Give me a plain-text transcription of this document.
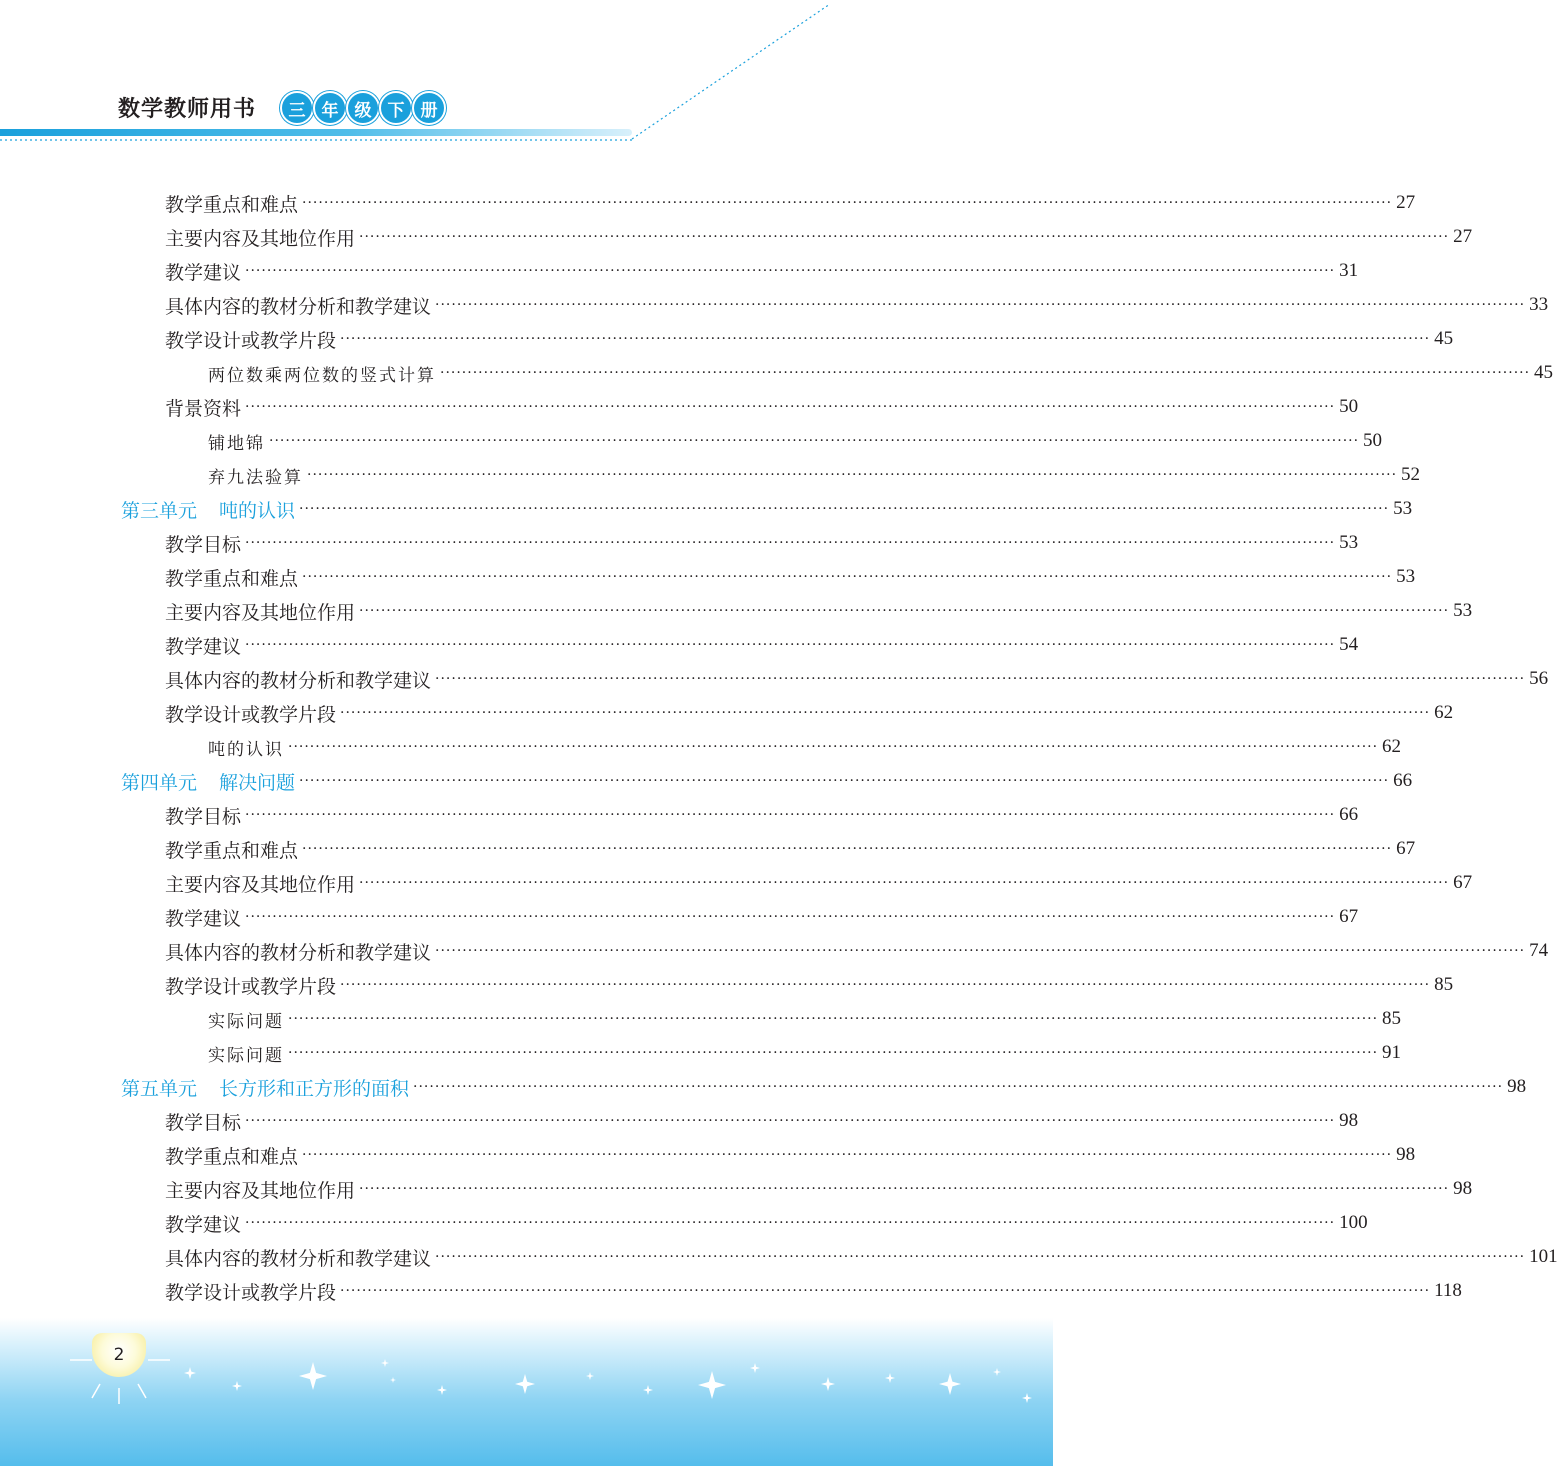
数学教师用书	三 年 级 下 册
教学重点和难点 ········································································································································································································ 27
主要内容及其地位作用 ········································································································································································································ 27
教学建议 ········································································································································································································ 31
具体内容的教材分析和教学建议 ········································································································································································································ 33
教学设计或教学片段 ········································································································································································································ 45
两位数乘两位数的竖式计算 ········································································································································································································ 45
背景资料 ········································································································································································································ 50
铺地锦 ········································································································································································································ 50
弃九法验算 ········································································································································································································ 52
第三单元 吨的认识 ········································································································································································································ 53
教学目标 ········································································································································································································ 53
教学重点和难点 ········································································································································································································ 53
主要内容及其地位作用 ········································································································································································································ 53
教学建议 ········································································································································································································ 54
具体内容的教材分析和教学建议 ········································································································································································································ 56
教学设计或教学片段 ········································································································································································································ 62
吨的认识 ········································································································································································································ 62
第四单元 解决问题 ········································································································································································································ 66
教学目标 ········································································································································································································ 66
教学重点和难点 ········································································································································································································ 67
主要内容及其地位作用 ········································································································································································································ 67
教学建议 ········································································································································································································ 67
具体内容的教材分析和教学建议 ········································································································································································································ 74
教学设计或教学片段 ········································································································································································································ 85
实际问题 ········································································································································································································ 85
实际问题 ········································································································································································································ 91
第五单元 长方形和正方形的面积 ········································································································································································································ 98
教学目标 ········································································································································································································ 98
教学重点和难点 ········································································································································································································ 98
主要内容及其地位作用 ········································································································································································································ 98
教学建议 ········································································································································································································ 100
具体内容的教材分析和教学建议 ········································································································································································································ 101
教学设计或教学片段 ········································································································································································································ 118
2
